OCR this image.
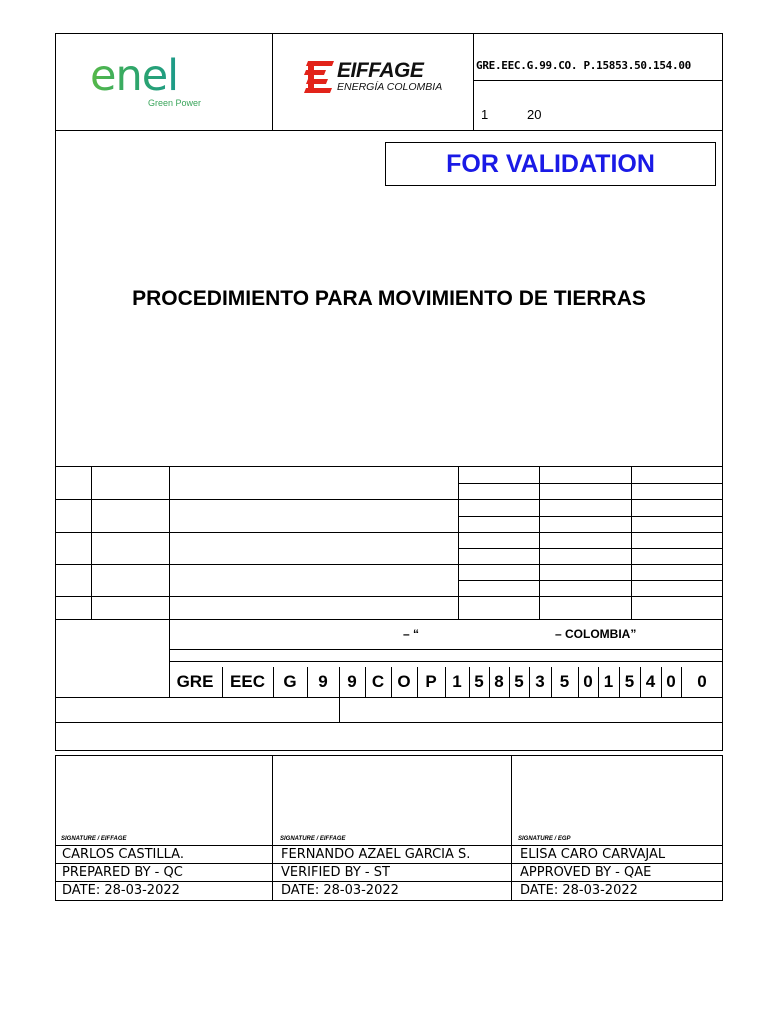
enel
Green Power
EIFFAGE
ENERGÍA COLOMBIA
GRE.EEC.G.99.CO. P.15853.50.154.00
1	20
FOR VALIDATION
PROCEDIMIENTO PARA MOVIMIENTO DE TIERRAS
– “	– COLOMBIA”
GRE EEC	G	9	9 C O P 1 5 8 5 3 5 0 1 5 4 0	0
SIGNATURE / EIFFAGE
CARLOS CASTILLA.
PREPARED BY - QC
DATE: 28-03-2022
SIGNATURE / EIFFAGE
FERNANDO AZAEL GARCIA S.
VERIFIED BY - ST
DATE: 28-03-2022
SIGNATURE / EGP
ELISA CARO CARVAJAL
APPROVED BY - QAE
DATE: 28-03-2022
